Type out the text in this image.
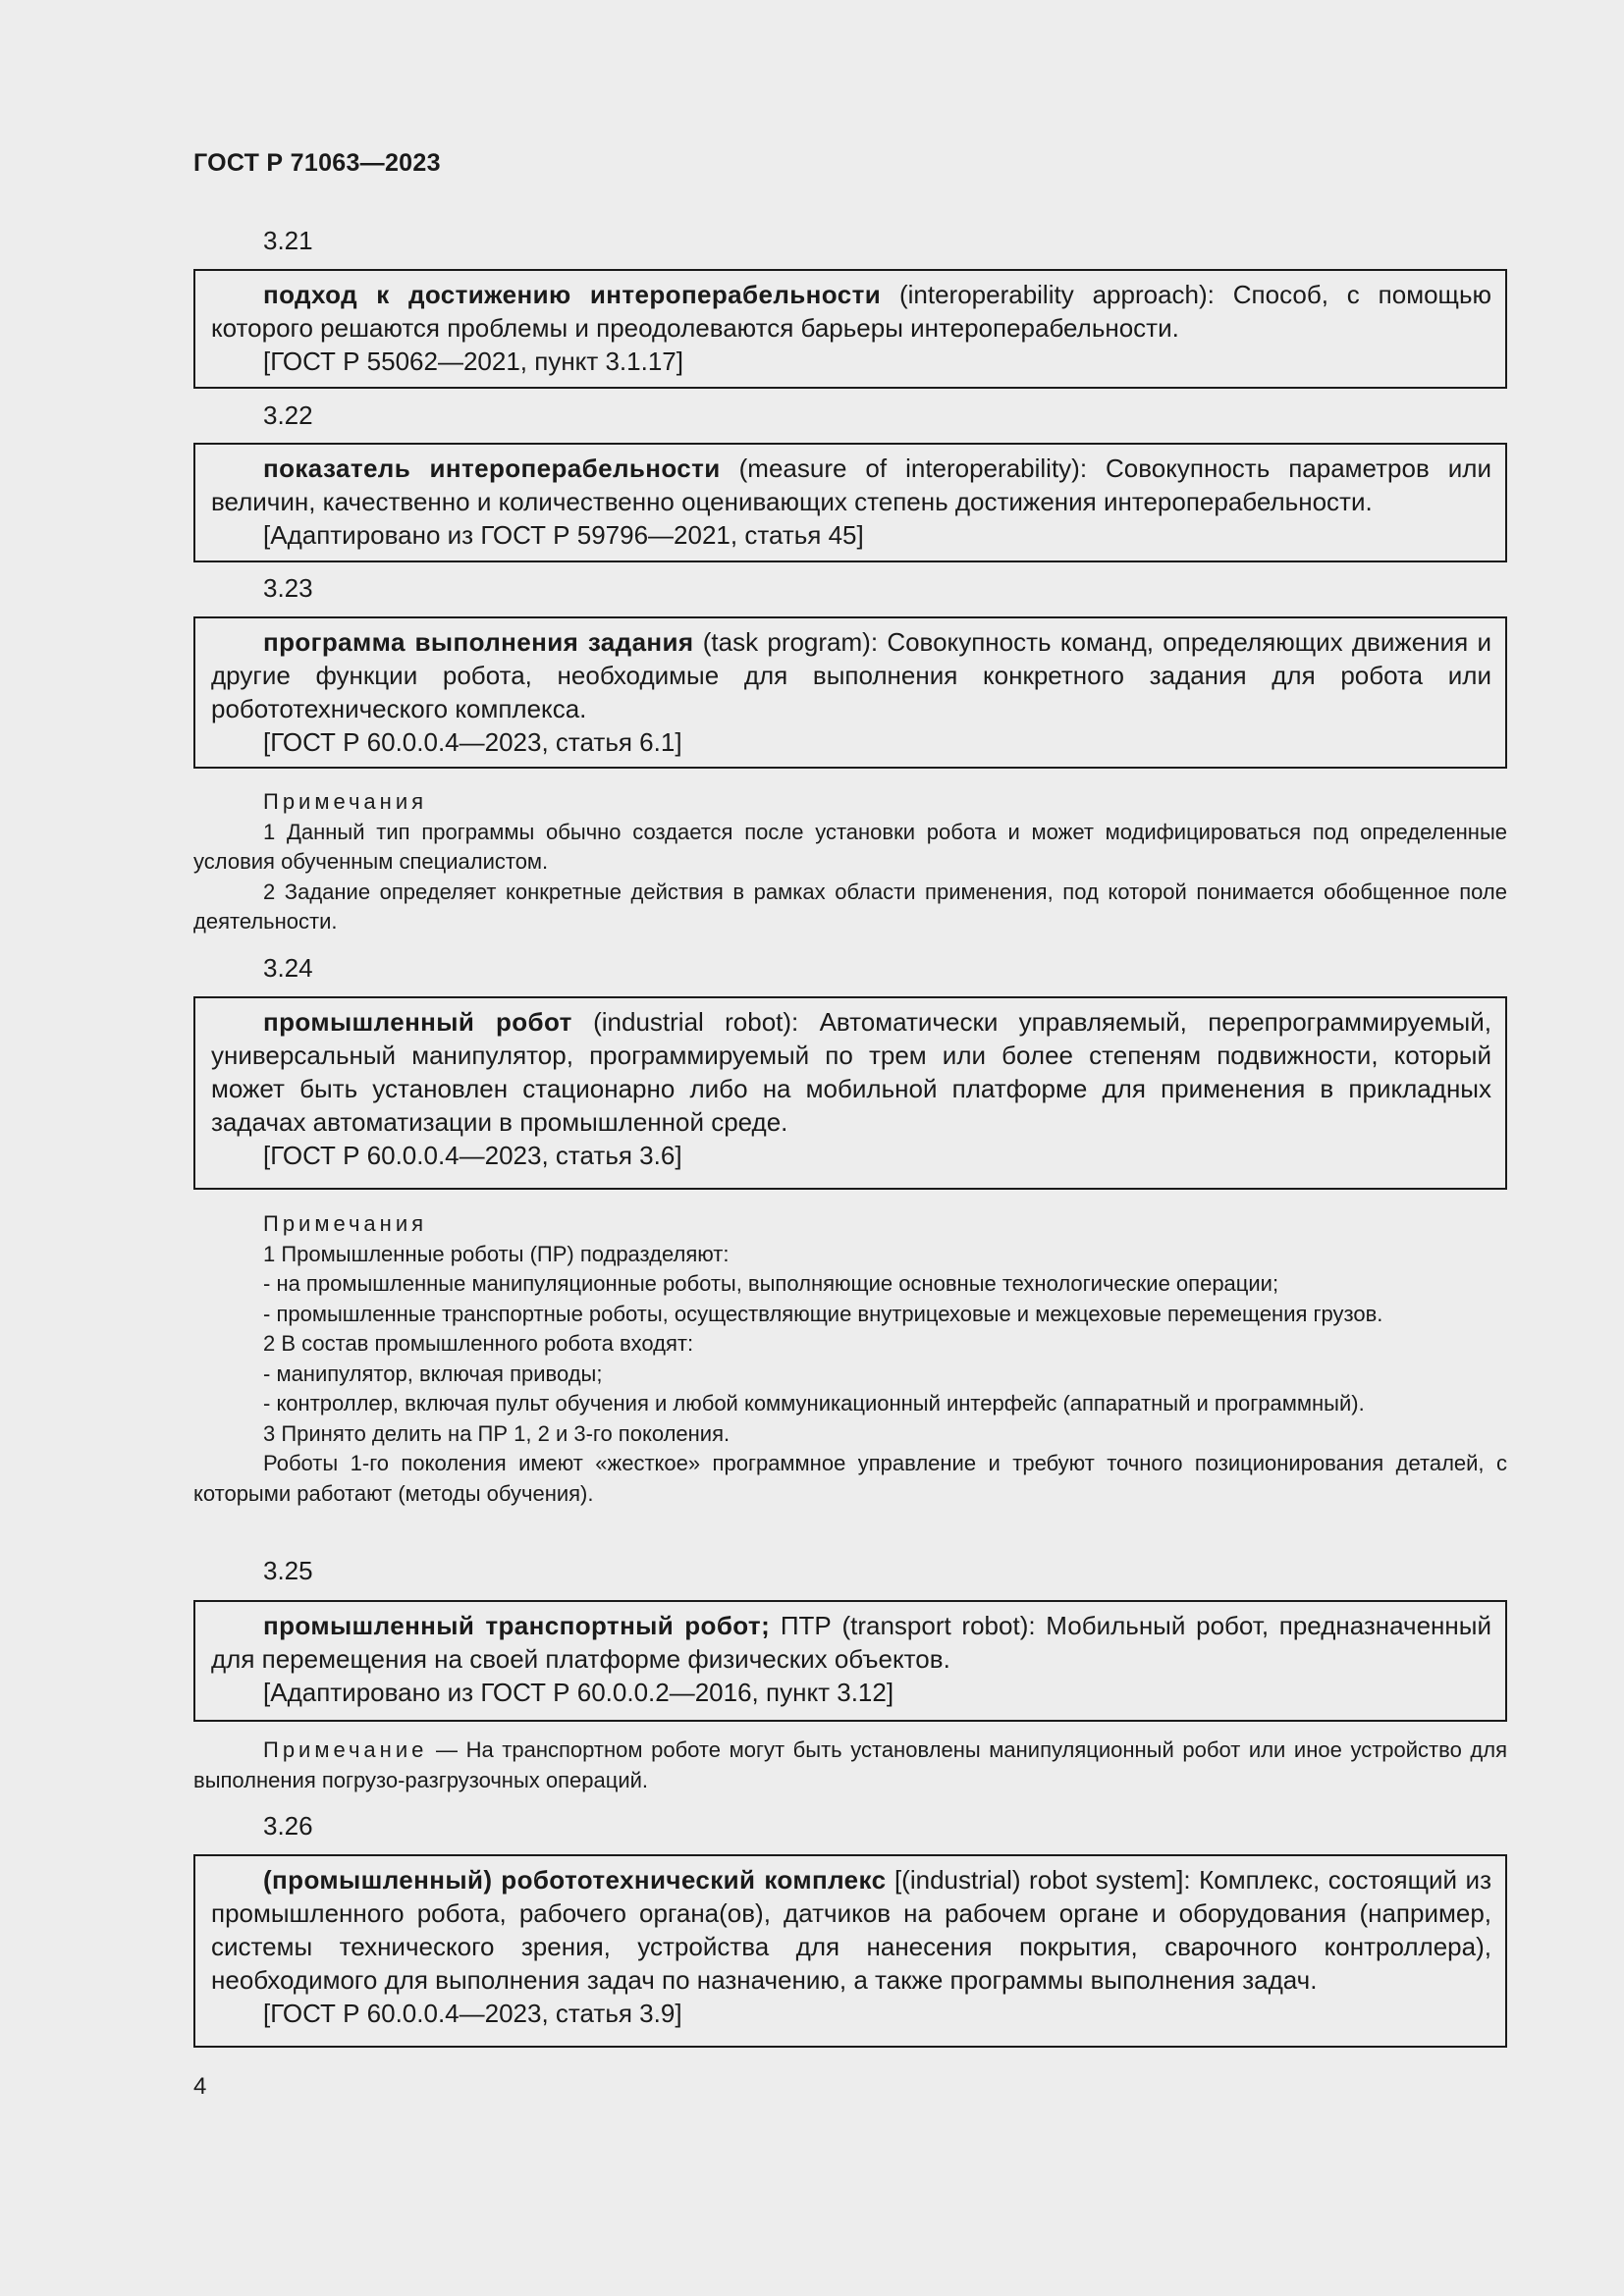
ГОСТ Р 71063—2023
3.21

подход к достижению интероперабельности (interoperability approach): Способ, с помощью которого решаются проблемы и преодолеваются барьеры интероперабельности.

[ГОСТ Р 55062—2021, пункт 3.1.17]

3.22

показатель интероперабельности (measure of interoperability): Совокупность параметров или величин, качественно и количественно оценивающих степень достижения интероперабельности.

[Адаптировано из ГОСТ Р 59796—2021, статья 45]

3.23

программа выполнения задания (task program): Совокупность команд, определяющих движения и другие функции робота, необходимые для выполнения конкретного задания для робота или робототехнического комплекса.

[ГОСТ Р 60.0.0.4—2023, статья 6.1]

Примечания

1 Данный тип программы обычно создается после установки робота и может модифицироваться под определенные условия обученным специалистом.

2 Задание определяет конкретные действия в рамках области применения, под которой понимается обобщенное поле деятельности.

3.24

промышленный робот (industrial robot): Автоматически управляемый, перепрограммируемый, универсальный манипулятор, программируемый по трем или более степеням подвижности, который может быть установлен стационарно либо на мобильной платформе для применения в прикладных задачах автоматизации в промышленной среде.

[ГОСТ Р 60.0.0.4—2023, статья 3.6]

Примечания

1 Промышленные роботы (ПР) подразделяют:

- на промышленные манипуляционные роботы, выполняющие основные технологические операции;

- промышленные транспортные роботы, осуществляющие внутрицеховые и межцеховые перемещения грузов.

2 В состав промышленного робота входят:

- манипулятор, включая приводы;

- контроллер, включая пульт обучения и любой коммуникационный интерфейс (аппаратный и программный).

3 Принято делить на ПР 1, 2 и 3-го поколения.

Роботы 1-го поколения имеют «жесткое» программное управление и требуют точного позиционирования деталей, с которыми работают (методы обучения).

3.25

промышленный транспортный робот; ПТР (transport robot): Мобильный робот, предназначенный для перемещения на своей платформе физических объектов.

[Адаптировано из ГОСТ Р 60.0.0.2—2016, пункт 3.12]

Примечание — На транспортном роботе могут быть установлены манипуляционный робот или иное устройство для выполнения погрузо-разгрузочных операций.

3.26

(промышленный) робототехнический комплекс [(industrial) robot system]: Комплекс, состоящий из промышленного робота, рабочего органа(ов), датчиков на рабочем органе и оборудования (например, системы технического зрения, устройства для нанесения покрытия, сварочного контроллера), необходимого для выполнения задач по назначению, а также программы выполнения задач.

[ГОСТ Р 60.0.0.4—2023, статья 3.9]

4
